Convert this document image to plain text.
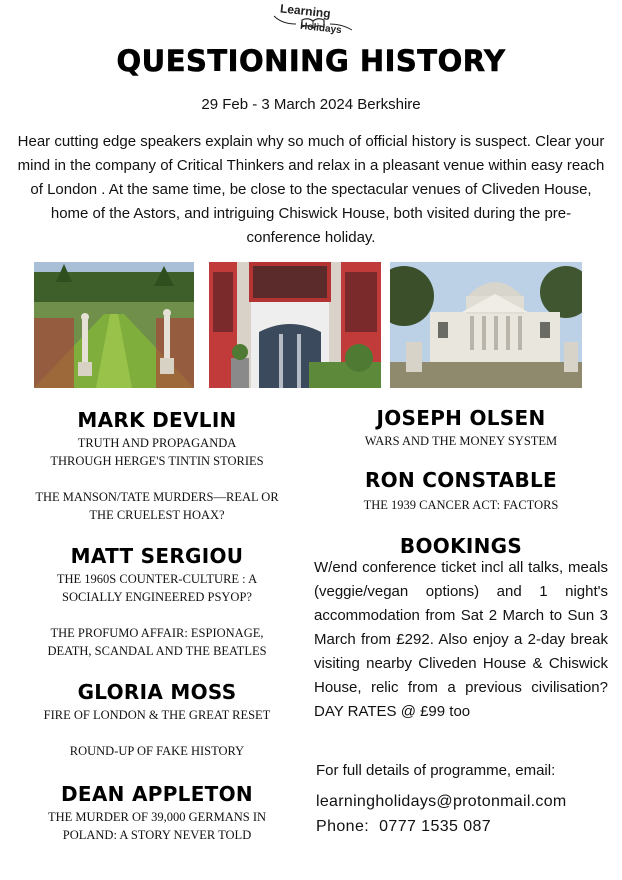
Learning
Holidays
QUESTIONING HISTORY
29 Feb - 3 March 2024 Berkshire

Hear cutting edge speakers explain why so much of official history is suspect. Clear your mind in the company of Critical Thinkers and relax in a pleasant venue within easy reach of London . At the same time, be close to the spectacular venues of Cliveden House, home of the Astors, and intriguing Chiswick House, both visited during the pre-conference holiday.

MARK DEVLIN
TRUTH AND PROPAGANDA THROUGH HERGE'S TINTIN STORIES
THE MANSON/TATE MURDERS—REAL OR THE CRUELEST HOAX?
MATT SERGIOU
THE 1960S COUNTER-CULTURE : A SOCIALLY ENGINEERED PSYOP?
THE PROFUMO AFFAIR: ESPIONAGE, DEATH, SCANDAL AND THE BEATLES
GLORIA MOSS
FIRE OF LONDON & THE GREAT RESET
ROUND-UP OF FAKE HISTORY
DEAN APPLETON
THE MURDER OF 39,000 GERMANS IN POLAND: A STORY NEVER TOLD
JOSEPH OLSEN
WARS AND THE MONEY SYSTEM
RON CONSTABLE
THE 1939 CANCER ACT: FACTORS
BOOKINGS

W/end conference ticket incl all talks, meals (veggie/vegan options) and 1 night's accommodation from Sat 2 March to Sun 3 March from £292. Also enjoy a 2-day break visiting nearby Cliveden House & Chiswick House, relic from a previous civilisation? DAY RATES @ £99 too

For full details of programme, email:
learningholidays@protonmail.com
Phone: 0777 1535 087
